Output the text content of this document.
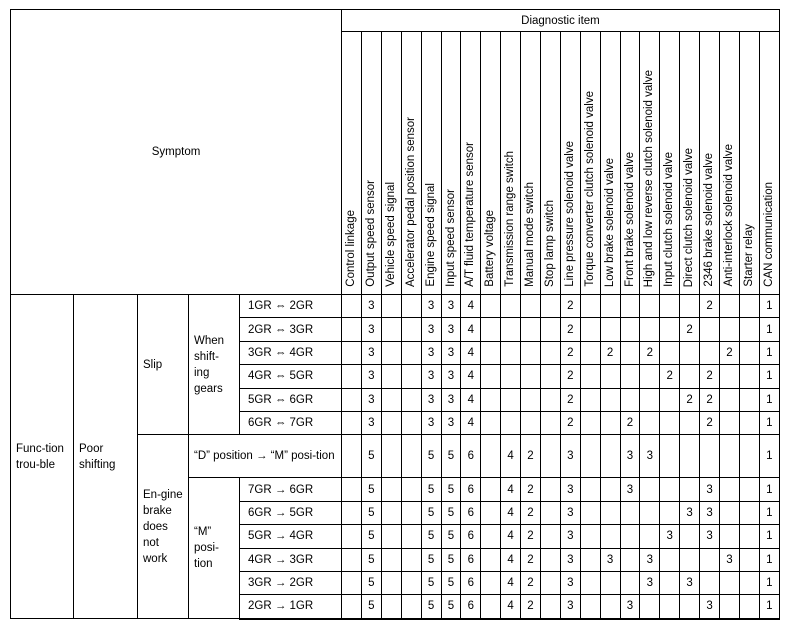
Symptom					Diagnostic item																					
					Control linkage	Output speed sensor	Vehicle speed signal	Accelerator pedal position sensor	Engine speed signal	Input speed sensor	A/T fluid temperature sensor	Battery voltage	Transmission range switch	Manual mode switch	Stop lamp switch	Line pressure solenoid valve	Torque converter clutch solenoid valve	Low brake solenoid valve	Front brake solenoid valve	High and low reverse clutch solenoid valve	Input clutch solenoid valve	Direct clutch solenoid valve	2346 brake solenoid valve	Anti-interlock solenoid valve	Starter relay	CAN communication
Func-tion trou-ble	Poor shifting	Slip	When shift-ing gears	1GR ⇔ 2GR		3			3	3	4					2							2			1
				2GR ⇔ 3GR		3			3	3	4					2						2				1
				3GR ⇔ 4GR		3			3	3	4					2		2		2				2		1
				4GR ⇔ 5GR		3			3	3	4					2					2		2			1
				5GR ⇔ 6GR		3			3	3	4					2						2	2			1
				6GR ⇔ 7GR		3			3	3	4					2			2				2			1
		En-gine brake does not work	“D” position → “M” posi-tion			5			5	5	6		4	2		3			3	3						1
			“M” posi-tion	7GR → 6GR		5			5	5	6		4	2		3			3				3			1
				6GR → 5GR		5			5	5	6		4	2		3						3	3			1
				5GR → 4GR		5			5	5	6		4	2		3					3		3			1
				4GR → 3GR		5			5	5	6		4	2		3		3		3				3		1
				3GR → 2GR		5			5	5	6		4	2		3				3		3				1
				2GR → 1GR		5			5	5	6		4	2		3			3				3			1
